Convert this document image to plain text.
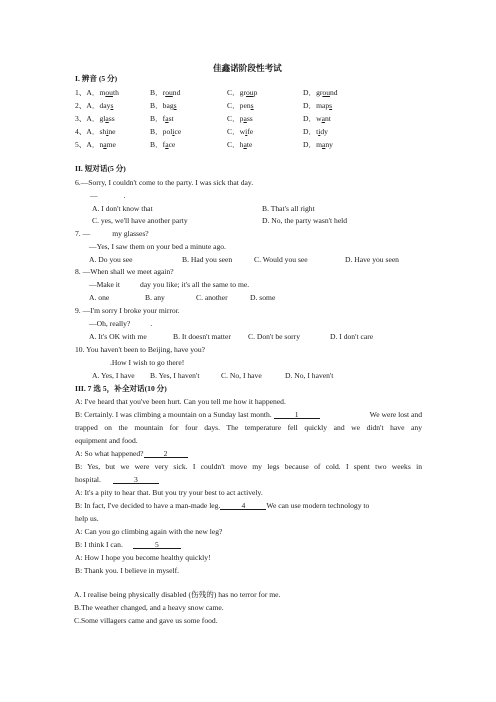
佳鑫诺阶段性考试
I. 辨音 (5 分)
1、A．mouth	B．round	C．group	D．ground
2、A．days	B．bags	C．pens	D．maps
3、A．glass	B．fast	C．pass	D．want
4、A．shine	B．police	C．wife	D．tidy
5、A．name	B．face	C．hate	D．many
II. 短对话(5 分)
6.—Sorry, I couldn't come to the party. I was sick that day.
—	.
A. I don't know that	B. That's all right
C. yes, we'll have another party	D. No, the party wasn't held
7. —	my glasses?
—Yes, I saw them on your bed a minute ago.
A. Do you see	B. Had you seen	C. Would you see	D. Have you seen
8. —When shall we meet again?
—Make it	day you like; it's all the same to me.
A. one	B. any	C. another	D. some
9. —I'm sorry I broke your mirror.
—Oh, really?	.
A. It's OK with me	B. It doesn't matter C. Don't be sorry	D. I don't care
10. You haven't been to Beijing, have you?
.How I wish to go there!
A. Yes, I have B. Yes, I haven't	C. No, I have	D. No, I haven't
III. 7 选 5，补全对话(10 分)
A: I've heard that you've been hurt. Can you tell me how it happened.
B: Certainly. I was climbing a mountain on a Sunday last month.	1	We were lost and
trapped on the mountain for four days. The temperature fell quickly and we didn't have any
equipment and food.
A: So what happened?	2
B: Yes, but we were very sick. I couldn't move my legs because of cold. I spent two weeks in
hospital.	3
A: It's a pity to hear that. But you try your best to act actively.
B: In fact, I've decided to have a man-made leg.	4	We can use modern technology to
help us.
A: Can you go climbing again with the new leg?
B: I think I can.	5
A: How I hope you become healthy quickly!
B: Thank you. I believe in myself.
A. I realise being physically disabled (伤残的) has no terror for me.
B.The weather changed, and a heavy snow came.
C.Some villagers came and gave us some food.
